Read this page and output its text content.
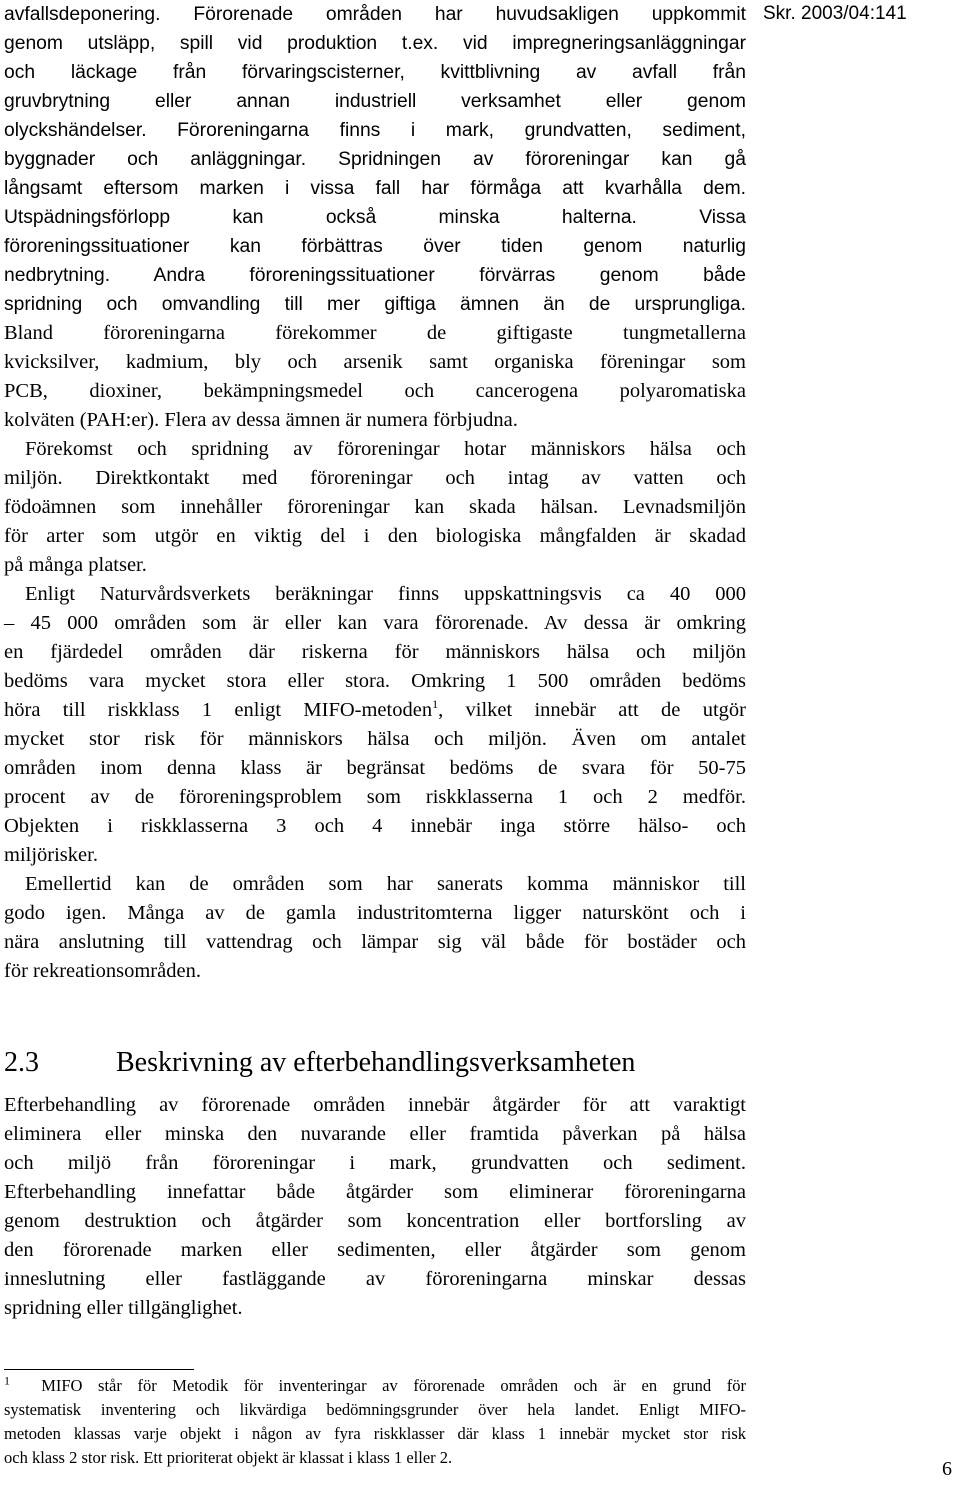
Skr. 2003/04:141
avfallsdeponering. Förorenade områden har huvudsakligen uppkommit
genom utsläpp, spill vid produktion t.ex. vid impregneringsanläggningar
och läckage från förvaringscisterner, kvittblivning av avfall från
gruvbrytning eller annan industriell verksamhet eller genom
olyckshändelser. Föroreningarna finns i mark, grundvatten, sediment,
byggnader och anläggningar. Spridningen av föroreningar kan gå
långsamt eftersom marken i vissa fall har förmåga att kvarhålla dem.
Utspädningsförlopp kan också minska halterna. Vissa
föroreningssituationer kan förbättras över tiden genom naturlig
nedbrytning. Andra föroreningssituationer förvärras genom både
spridning och omvandling till mer giftiga ämnen än de ursprungliga.
Bland föroreningarna förekommer de giftigaste tungmetallerna
kvicksilver, kadmium, bly och arsenik samt organiska föreningar som
PCB, dioxiner, bekämpningsmedel och cancerogena polyaromatiska
kolväten (PAH:er). Flera av dessa ämnen är numera förbjudna.
Förekomst och spridning av föroreningar hotar människors hälsa och
miljön. Direktkontakt med föroreningar och intag av vatten och
födoämnen som innehåller föroreningar kan skada hälsan. Levnadsmiljön
för arter som utgör en viktig del i den biologiska mångfalden är skadad
på många platser.
Enligt Naturvårdsverkets beräkningar finns uppskattningsvis ca 40 000
– 45 000 områden som är eller kan vara förorenade. Av dessa är omkring
en fjärdedel områden där riskerna för människors hälsa och miljön
bedöms vara mycket stora eller stora. Omkring 1 500 områden bedöms
höra till riskklass 1 enligt MIFO-metoden$^1$, vilket innebär att de utgör
mycket stor risk för människors hälsa och miljön. Även om antalet
områden inom denna klass är begränsat bedöms de svara för 50-75
procent av de föroreningsproblem som riskklasserna 1 och 2 medför.
Objekten i riskklasserna 3 och 4 innebär inga större hälso- och
miljörisker.
Emellertid kan de områden som har sanerats komma människor till
godo igen. Många av de gamla industritomterna ligger naturskönt och i
nära anslutning till vattendrag och lämpar sig väl både för bostäder och
för rekreationsområden.
2.3	Beskrivning av efterbehandlingsverksamheten
Efterbehandling av förorenade områden innebär åtgärder för att varaktigt
eliminera eller minska den nuvarande eller framtida påverkan på hälsa
och miljö från föroreningar i mark, grundvatten och sediment.
Efterbehandling innefattar både åtgärder som eliminerar föroreningarna
genom destruktion och åtgärder som koncentration eller bortforsling av
den förorenade marken eller sedimenten, eller åtgärder som genom
inneslutning eller fastläggande av föroreningarna minskar dessas
spridning eller tillgänglighet.
$^1$ MIFO står för Metodik för inventeringar av förorenade områden och är en grund för
systematisk inventering och likvärdiga bedömningsgrunder över hela landet. Enligt MIFO-
metoden klassas varje objekt i någon av fyra riskklasser där klass 1 innebär mycket stor risk
och klass 2 stor risk. Ett prioriterat objekt är klassat i klass 1 eller 2.
6
